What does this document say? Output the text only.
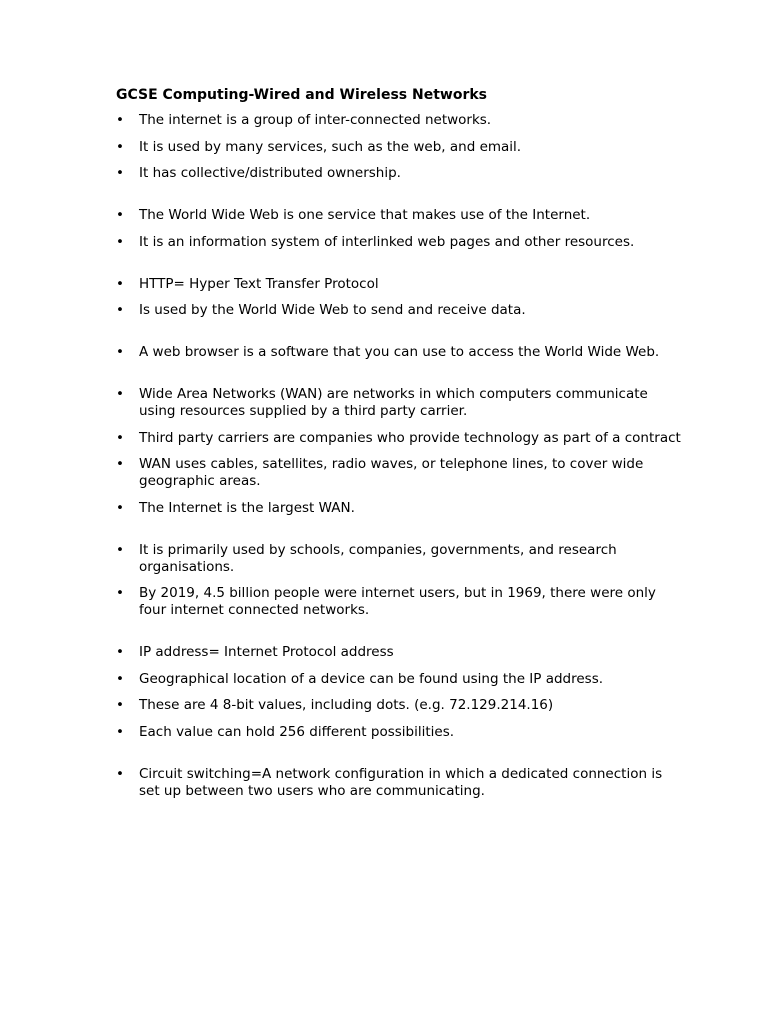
GCSE Computing-Wired and Wireless Networks
• The internet is a group of inter-connected networks.
• It is used by many services, such as the web, and email.
• It has collective/distributed ownership.
• The World Wide Web is one service that makes use of the Internet.
• It is an information system of interlinked web pages and other resources.
• HTTP= Hyper Text Transfer Protocol
• Is used by the World Wide Web to send and receive data.
• A web browser is a software that you can use to access the World Wide Web.
• Wide Area Networks (WAN) are networks in which computers communicate using resources supplied by a third party carrier.
• Third party carriers are companies who provide technology as part of a contract
• WAN uses cables, satellites, radio waves, or telephone lines, to cover wide geographic areas.
• The Internet is the largest WAN.
• It is primarily used by schools, companies, governments, and research organisations.
• By 2019, 4.5 billion people were internet users, but in 1969, there were only four internet connected networks.
• IP address= Internet Protocol address
• Geographical location of a device can be found using the IP address.
• These are 4 8-bit values, including dots. (e.g. 72.129.214.16)
• Each value can hold 256 different possibilities.
• Circuit switching=A network configuration in which a dedicated connection is set up between two users who are communicating.
